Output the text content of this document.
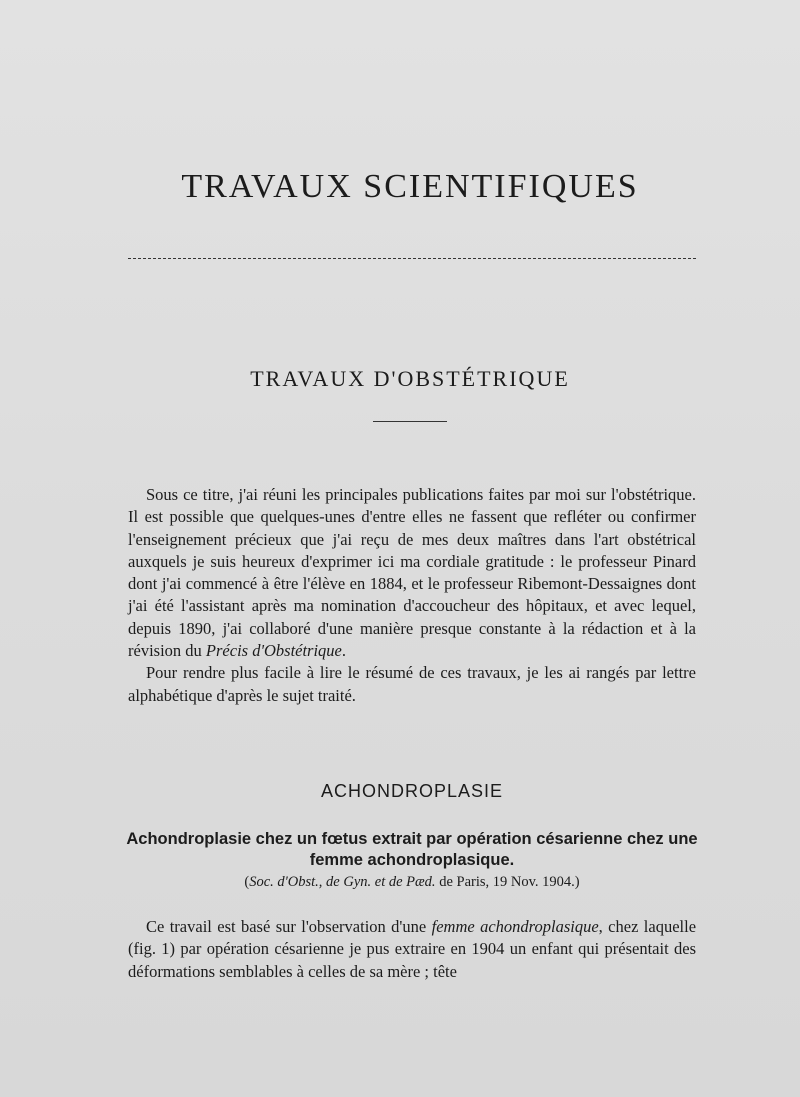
TRAVAUX SCIENTIFIQUES
TRAVAUX D'OBSTÉTRIQUE

Sous ce titre, j'ai réuni les principales publications faites par moi sur l'obstétrique. Il est possible que quelques-unes d'entre elles ne fassent que refléter ou confirmer l'enseignement précieux que j'ai reçu de mes deux maîtres dans l'art obstétrical auxquels je suis heureux d'exprimer ici ma cordiale gratitude : le professeur Pinard dont j'ai commencé à être l'élève en 1884, et le professeur Ribemont-Dessaignes dont j'ai été l'assistant après ma nomination d'accoucheur des hôpitaux, et avec lequel, depuis 1890, j'ai collaboré d'une manière presque constante à la rédaction et à la révision du Précis d'Obstétrique.

Pour rendre plus facile à lire le résumé de ces travaux, je les ai rangés par lettre alphabétique d'après le sujet traité.

ACHONDROPLASIE
Achondroplasie chez un fœtus extrait par opération césarienne chez une femme achondroplasique.

(Soc. d'Obst., de Gyn. et de Pæd. de Paris, 19 Nov. 1904.)

Ce travail est basé sur l'observation d'une femme achondroplasique, chez laquelle (fig. 1) par opération césarienne je pus extraire en 1904 un enfant qui présentait des déformations semblables à celles de sa mère ; tête
